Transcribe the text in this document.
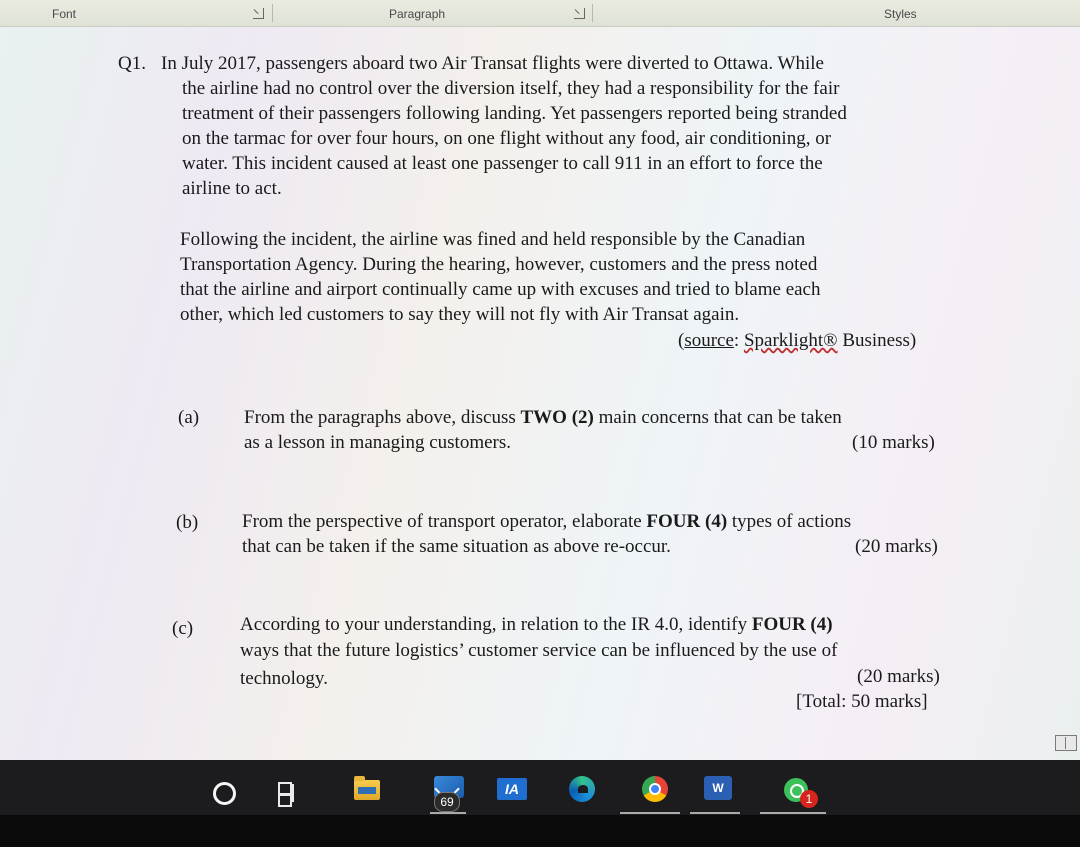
Font	Paragraph	Styles
Q1. In July 2017, passengers aboard two Air Transat flights were diverted to Ottawa. While
the airline had no control over the diversion itself, they had a responsibility for the fair
treatment of their passengers following landing. Yet passengers reported being stranded
on the tarmac for over four hours, on one flight without any food, air conditioning, or
water. This incident caused at least one passenger to call 911 in an effort to force the
airline to act.
Following the incident, the airline was fined and held responsible by the Canadian
Transportation Agency. During the hearing, however, customers and the press noted
that the airline and airport continually came up with excuses and tried to blame each
other, which led customers to say they will not fly with Air Transat again.
(source: Sparklight® Business)
(a) From the paragraphs above, discuss TWO (2) main concerns that can be taken
as a lesson in managing customers.	(10 marks)
(b) From the perspective of transport operator, elaborate FOUR (4) types of actions
that can be taken if the same situation as above re-occur.	(20 marks)
(c) According to your understanding, in relation to the IR 4.0, identify FOUR (4)
ways that the future logistics’ customer service can be influenced by the use of
technology.	(20 marks)
[Total: 50 marks]
69
IA	W
1
